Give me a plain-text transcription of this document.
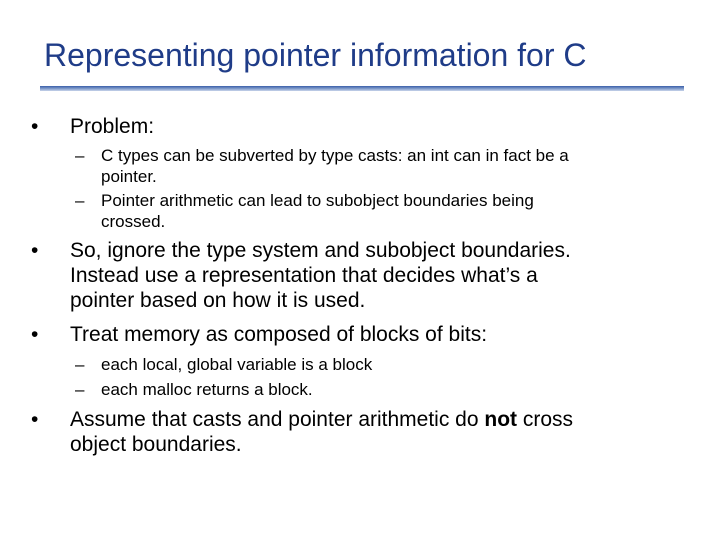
Representing pointer information for C
• Problem:
– C types can be subverted by type casts: an int can in fact be a
pointer.
– Pointer arithmetic can lead to subobject boundaries being
crossed.
• So, ignore the type system and subobject boundaries.
Instead use a representation that decides what’s a
pointer based on how it is used.
• Treat memory as composed of blocks of bits:
– each local, global variable is a block
– each malloc returns a block.
• Assume that casts and pointer arithmetic do not cross
object boundaries.
